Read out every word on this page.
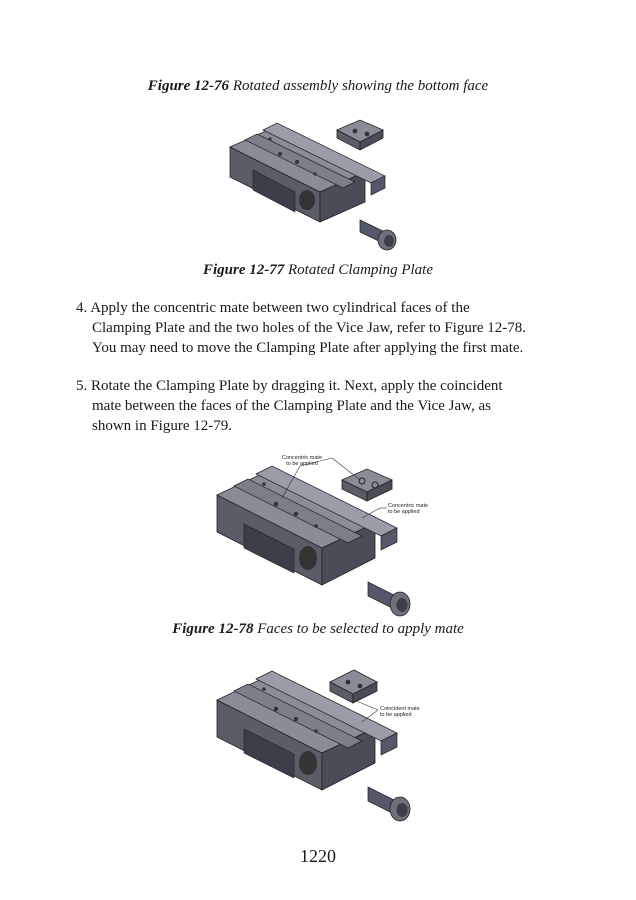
Figure 12-76 Rotated assembly showing the bottom face
Figure 12-77 Rotated Clamping Plate
4. Apply the concentric mate between two cylindrical faces of the
Clamping Plate and the two holes of the Vice Jaw, refer to Figure 12-78.
You may need to move the Clamping Plate after applying the first mate.
5. Rotate the Clamping Plate by dragging it. Next, apply the coincident
mate between the faces of the Clamping Plate and the Vice Jaw, as
shown in Figure 12-79.
Concentric mate
to be applied
Concentric mate
to be applied
Figure 12-78 Faces to be selected to apply mate
Coincident mate
to be applied
1220
